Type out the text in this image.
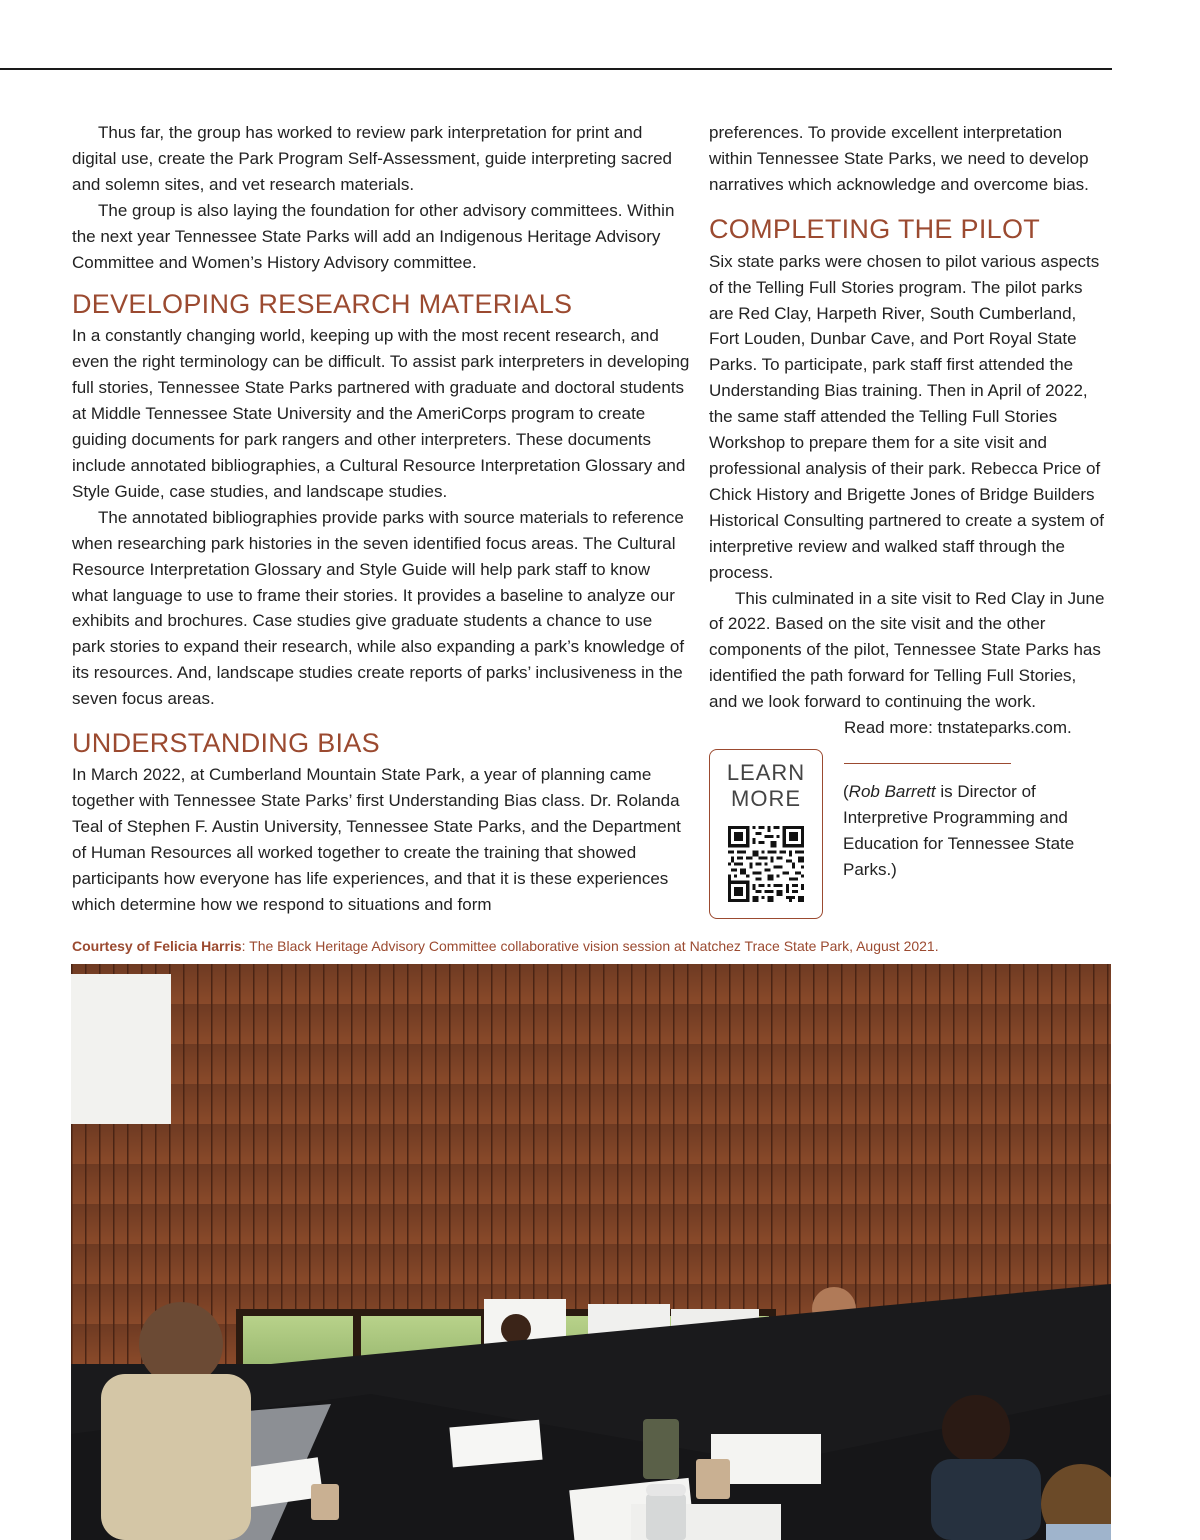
Thus far, the group has worked to review park interpretation for print and digital use, create the Park Program Self-Assessment, guide interpreting sacred and solemn sites, and vet research materials.

The group is also laying the foundation for other advisory committees. Within the next year Tennessee State Parks will add an Indigenous Heritage Advisory Committee and Women’s History Advisory committee.

DEVELOPING RESEARCH MATERIALS

In a constantly changing world, keeping up with the most recent research, and even the right terminology can be difficult. To assist park interpreters in developing full stories, Tennessee State Parks partnered with graduate and doctoral students at Middle Tennessee State University and the AmeriCorps program to create guiding documents for park rangers and other interpreters. These documents include annotated bibliographies, a Cultural Resource Interpretation Glossary and Style Guide, case studies, and landscape studies.

The annotated bibliographies provide parks with source materials to reference when researching park histories in the seven identified focus areas. The Cultural Resource Interpretation Glossary and Style Guide will help park staff to know what language to use to frame their stories. It provides a baseline to analyze our exhibits and brochures. Case studies give graduate students a chance to use park stories to expand their research, while also expanding a park’s knowledge of its resources. And, landscape studies create reports of parks’ inclusiveness in the seven focus areas.

UNDERSTANDING BIAS

In March 2022, at Cumberland Mountain State Park, a year of planning came together with Tennessee State Parks’ first Understanding Bias class. Dr. Rolanda Teal of Stephen F. Austin University, Tennessee State Parks, and the Department of Human Resources all worked together to create the training that showed participants how everyone has life experiences, and that it is these experiences which determine how we respond to situations and form

preferences. To provide excellent interpretation within Tennessee State Parks, we need to develop narratives which acknowledge and overcome bias.

COMPLETING THE PILOT

Six state parks were chosen to pilot various aspects of the Telling Full Stories program. The pilot parks are Red Clay, Harpeth River, South Cumberland, Fort Louden, Dunbar Cave, and Port Royal State Parks. To participate, park staff first attended the Understanding Bias training. Then in April of 2022, the same staff attended the Telling Full Stories Workshop to prepare them for a site visit and professional analysis of their park. Rebecca Price of Chick History and Brigette Jones of Bridge Builders Historical Consulting partnered to create a system of interpretive review and walked staff through the process.

This culminated in a site visit to Red Clay in June of 2022. Based on the site visit and the other components of the pilot, Tennessee State Parks has identified the path forward for Telling Full Stories, and we look forward to continuing the work.

Read more: tnstateparks.com.

LEARN
MORE	(Rob Barrett is Director of Interpretive Programming and Education for Tennessee State Parks.)

Courtesy of Felicia Harris: The Black Heritage Advisory Committee collaborative vision session at Natchez Trace State Park, August 2021.
